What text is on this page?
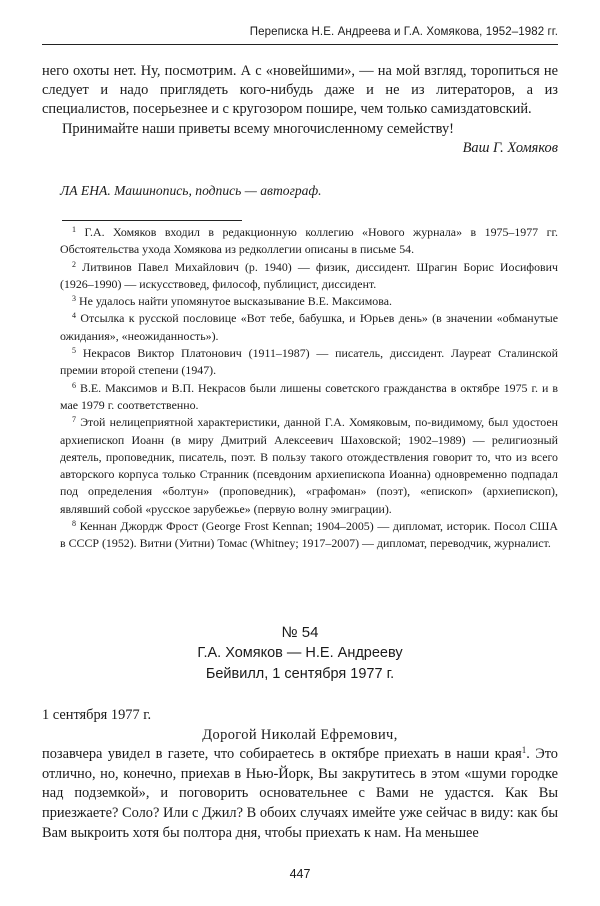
Переписка Н.Е. Андреева и Г.А. Хомякова, 1952–1982 гг.

него охоты нет. Ну, посмотрим. А с «новейшими», — на мой взгляд, торопиться не следует и надо приглядеть кого-нибудь даже и не из литераторов, а из специалистов, посерьезнее и с кругозором пошире, чем только самиздатовский.

Принимайте наши приветы всему многочисленному семейству!

Ваш Г. Хомяков

ЛА ЕНА. Машинопись, подпись — автограф.

$^1$ Г.А. Хомяков входил в редакционную коллегию «Нового журнала» в 1975–1977 гг. Обстоятельства ухода Хомякова из редколлегии описаны в письме 54.

$^2$ Литвинов Павел Михайлович (р. 1940) — физик, диссидент. Шрагин Борис Иосифович (1926–1990) — искусствовед, философ, публицист, диссидент.

$^3$ Не удалось найти упомянутое высказывание В.Е. Максимова.

$^4$ Отсылка к русской пословице «Вот тебе, бабушка, и Юрьев день» (в значении «обманутые ожидания», «неожиданность»).

$^5$ Некрасов Виктор Платонович (1911–1987) — писатель, диссидент. Лауреат Сталинской премии второй степени (1947).

$^6$ В.Е. Максимов и В.П. Некрасов были лишены советского гражданства в октябре 1975 г. и в мае 1979 г. соответственно.

$^7$ Этой нелицеприятной характеристики, данной Г.А. Хомяковым, по-видимому, был удостоен архиепископ Иоанн (в миру Дмитрий Алексеевич Шаховской; 1902–1989) — религиозный деятель, проповедник, писатель, поэт. В пользу такого отождествления говорит то, что из всего авторского корпуса только Странник (псевдоним архиепископа Иоанна) одновременно подпадал под определения «болтун» (проповедник), «графоман» (поэт), «епископ» (архиепископ), являвший собой «русское зарубежье» (первую волну эмиграции).

$^8$ Кеннан Джордж Фрост (George Frost Kennan; 1904–2005) — дипломат, историк. Посол США в СССР (1952). Витни (Уитни) Томас (Whitney; 1917–2007) — дипломат, переводчик, журналист.

№ 54
Г.А. Хомяков — Н.Е. Андрееву
Бейвилл, 1 сентября 1977 г.

1 сентября 1977 г.

Дорогой Николай Ефремович,

позавчера увидел в газете, что собираетесь в октябре приехать в наши края$^1$. Это отлично, но, конечно, приехав в Нью-Йорк, Вы закрутитесь в этом «шуми городке над подземкой», и поговорить основательнее с Вами не удастся. Как Вы приезжаете? Соло? Или с Джил? В обоих случаях имейте уже сейчас в виду: как бы Вам выкроить хотя бы полтора дня, чтобы приехать к нам. На меньшее

447
